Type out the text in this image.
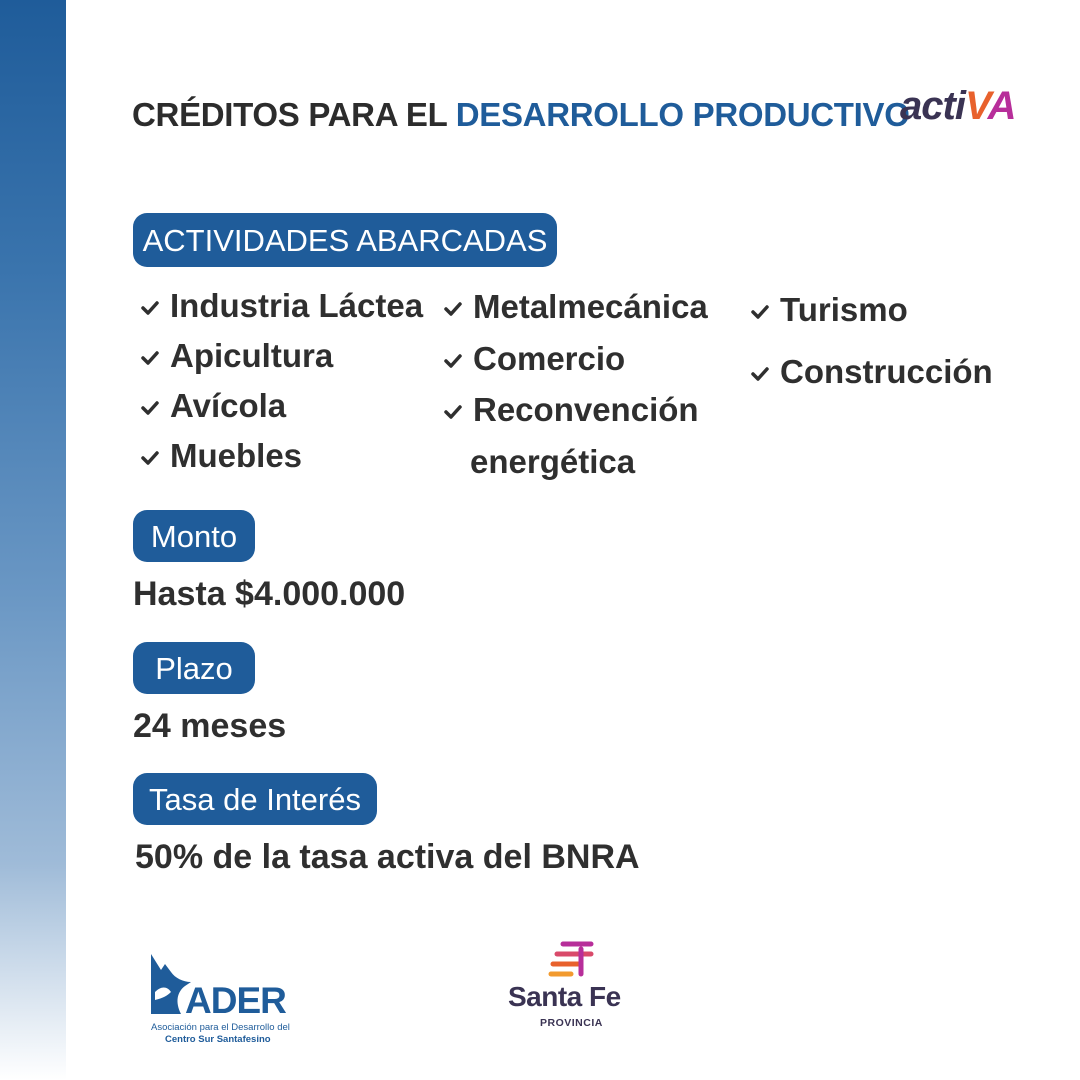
CRÉDITOS PARA EL DESARROLLO PRODUCTIVO
actiVA
ACTIVIDADES ABARCADAS
Industria Láctea
Apicultura
Avícola
Muebles
Metalmecánica
Comercio
Reconvención
energética
Turismo
Construcción
Monto
Hasta $4.000.000
Plazo
24 meses
Tasa de Interés
50% de la tasa activa del BNRA
ADER
Asociación para el Desarrollo del
Centro Sur Santafesino
Santa Fe
PROVINCIA
